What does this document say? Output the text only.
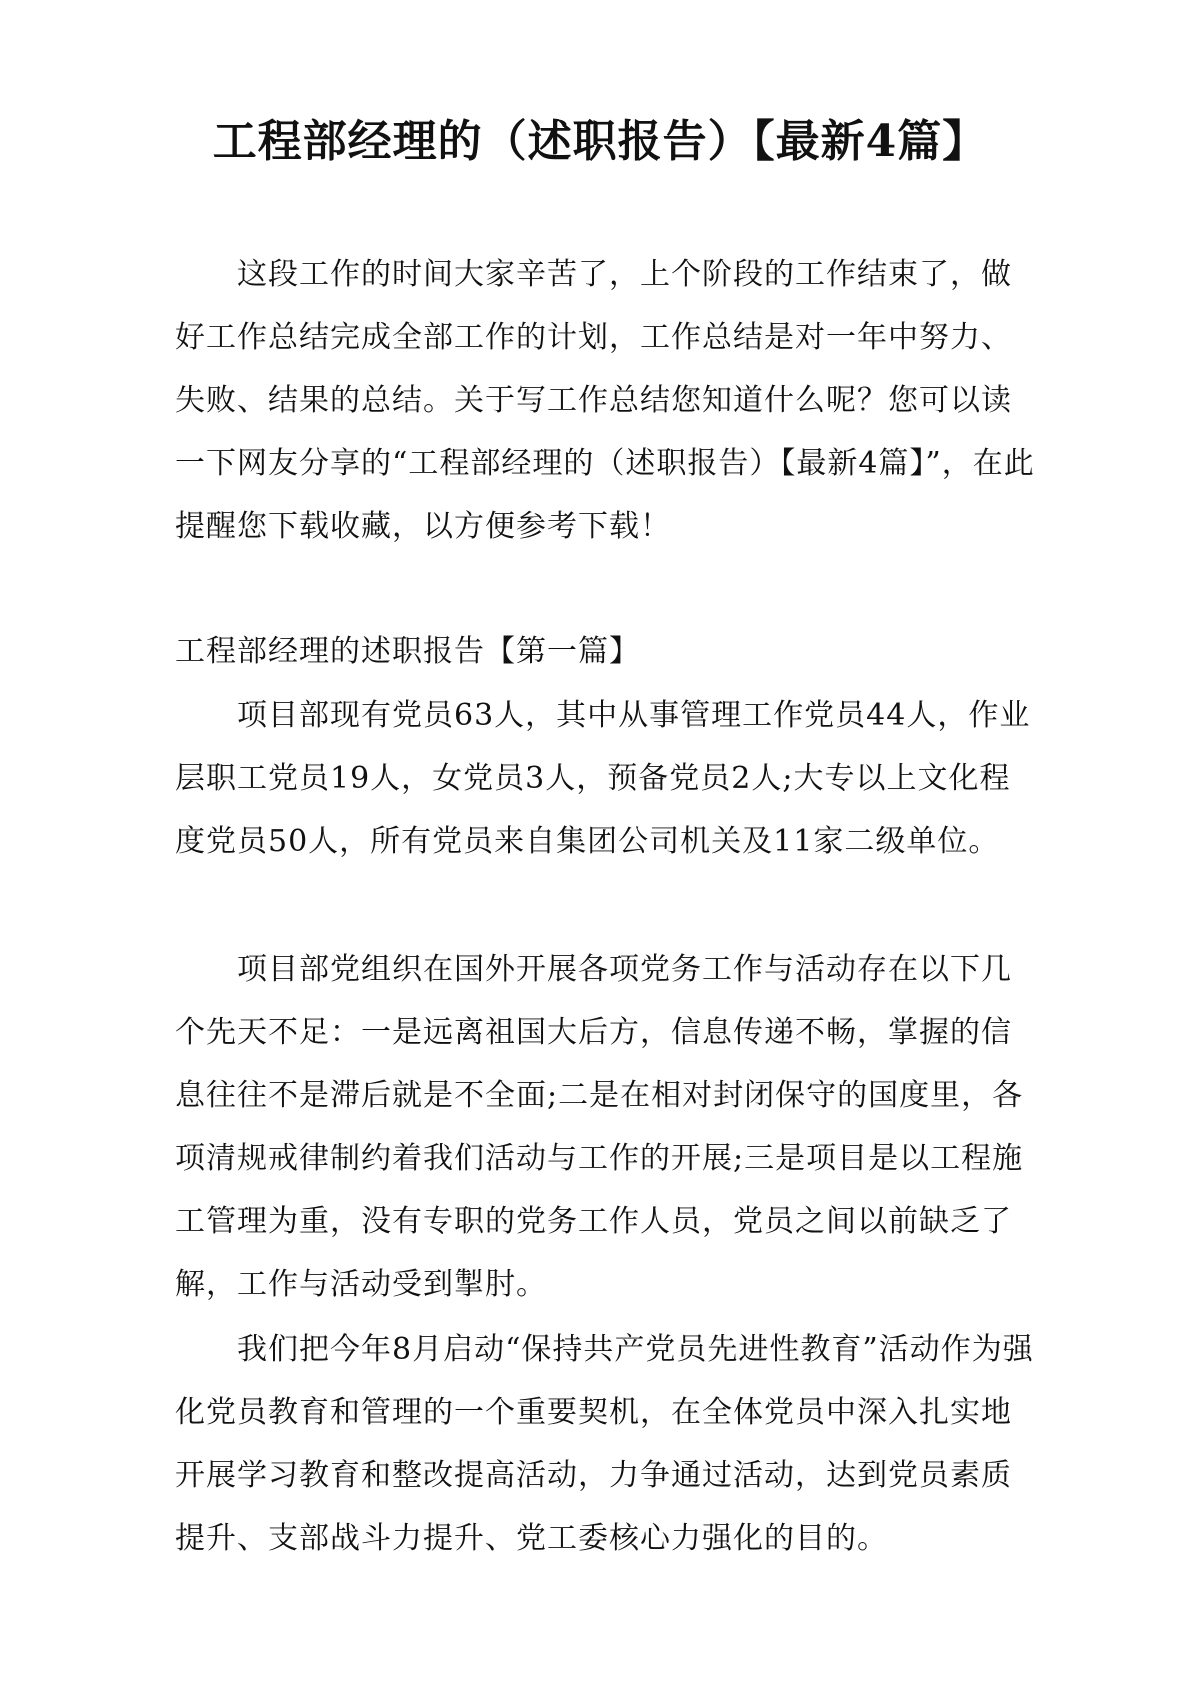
工程部经理的（述职报告）【最新4篇】

这段工作的时间大家辛苦了，上个阶段的工作结束了，做好工作总结完成全部工作的计划，工作总结是对一年中努力、失败、结果的总结。关于写工作总结您知道什么呢？您可以读一下网友分享的“工程部经理的（述职报告）【最新4篇】”，在此提醒您下载收藏，以方便参考下载！

工程部经理的述职报告【第一篇】

项目部现有党员63人，其中从事管理工作党员44人，作业层职工党员19人，女党员3人，预备党员2人;大专以上文化程度党员50人，所有党员来自集团公司机关及11家二级单位。

项目部党组织在国外开展各项党务工作与活动存在以下几个先天不足：一是远离祖国大后方，信息传递不畅，掌握的信息往往不是滞后就是不全面;二是在相对封闭保守的国度里，各项清规戒律制约着我们活动与工作的开展;三是项目是以工程施工管理为重，没有专职的党务工作人员，党员之间以前缺乏了解，工作与活动受到掣肘。

我们把今年8月启动“保持共产党员先进性教育”活动作为强化党员教育和管理的一个重要契机，在全体党员中深入扎实地开展学习教育和整改提高活动，力争通过活动，达到党员素质提升、支部战斗力提升、党工委核心力强化的目的。
